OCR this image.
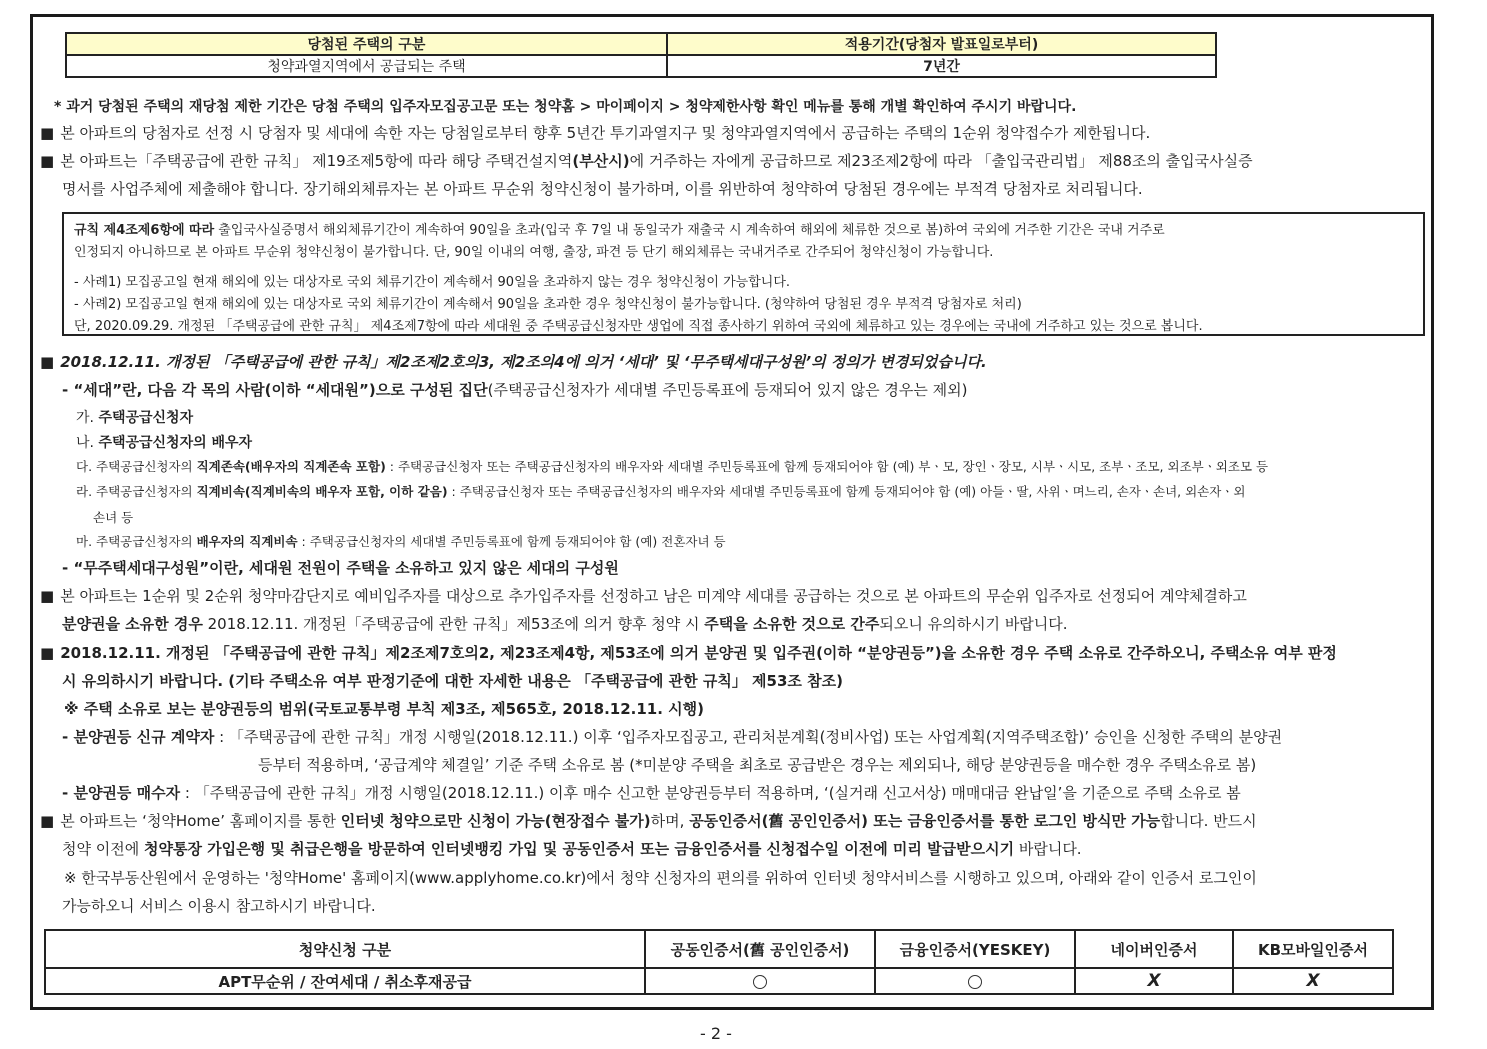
당첨된 주택의 구분	적용기간(당첨자 발표일로부터)
청약과열지역에서 공급되는 주택	7년간
* 과거 당첨된 주택의 재당첨 제한 기간은 당첨 주택의 입주자모집공고문 또는 청약홈 > 마이페이지 > 청약제한사항 확인 메뉴를 통해 개별 확인하여 주시기 바랍니다.
■ 본 아파트의 당첨자로 선정 시 당첨자 및 세대에 속한 자는 당첨일로부터 향후 5년간 투기과열지구 및 청약과열지역에서 공급하는 주택의 1순위 청약접수가 제한됩니다.
■ 본 아파트는「주택공급에 관한 규칙」 제19조제5항에 따라 해당 주택건설지역(부산시)에 거주하는 자에게 공급하므로 제23조제2항에 따라 「출입국관리법」 제88조의 출입국사실증
명서를 사업주체에 제출해야 합니다. 장기해외체류자는 본 아파트 무순위 청약신청이 불가하며, 이를 위반하여 청약하여 당첨된 경우에는 부적격 당첨자로 처리됩니다.
규칙 제4조제6항에 따라 출입국사실증명서 해외체류기간이 계속하여 90일을 초과(입국 후 7일 내 동일국가 재출국 시 계속하여 해외에 체류한 것으로 봄)하여 국외에 거주한 기간은 국내 거주로
인정되지 아니하므로 본 아파트 무순위 청약신청이 불가합니다. 단, 90일 이내의 여행, 출장, 파견 등 단기 해외체류는 국내거주로 간주되어 청약신청이 가능합니다.
- 사례1) 모집공고일 현재 해외에 있는 대상자로 국외 체류기간이 계속해서 90일을 초과하지 않는 경우 청약신청이 가능합니다.
- 사례2) 모집공고일 현재 해외에 있는 대상자로 국외 체류기간이 계속해서 90일을 초과한 경우 청약신청이 불가능합니다. (청약하여 당첨된 경우 부적격 당첨자로 처리)
단, 2020.09.29. 개정된 「주택공급에 관한 규칙」 제4조제7항에 따라 세대원 중 주택공급신청자만 생업에 직접 종사하기 위하여 국외에 체류하고 있는 경우에는 국내에 거주하고 있는 것으로 봅니다.
■ 2018.12.11. 개정된 「주택공급에 관한 규칙」제2조제2호의3, 제2조의4에 의거 ‘세대’ 및 ‘무주택세대구성원’의 정의가 변경되었습니다.
- “세대”란, 다음 각 목의 사람(이하 “세대원”)으로 구성된 집단(주택공급신청자가 세대별 주민등록표에 등재되어 있지 않은 경우는 제외)
가. 주택공급신청자
나. 주택공급신청자의 배우자
다. 주택공급신청자의 직계존속(배우자의 직계존속 포함) : 주택공급신청자 또는 주택공급신청자의 배우자와 세대별 주민등록표에 함께 등재되어야 함 (예) 부ㆍ모, 장인ㆍ장모, 시부ㆍ시모, 조부ㆍ조모, 외조부ㆍ외조모 등
라. 주택공급신청자의 직계비속(직계비속의 배우자 포함, 이하 같음) : 주택공급신청자 또는 주택공급신청자의 배우자와 세대별 주민등록표에 함께 등재되어야 함 (예) 아들ㆍ딸, 사위ㆍ며느리, 손자ㆍ손녀, 외손자ㆍ외
손녀 등
마. 주택공급신청자의 배우자의 직계비속 : 주택공급신청자의 세대별 주민등록표에 함께 등재되어야 함 (예) 전혼자녀 등
- “무주택세대구성원”이란, 세대원 전원이 주택을 소유하고 있지 않은 세대의 구성원
■ 본 아파트는 1순위 및 2순위 청약마감단지로 예비입주자를 대상으로 추가입주자를 선정하고 남은 미계약 세대를 공급하는 것으로 본 아파트의 무순위 입주자로 선정되어 계약체결하고
분양권을 소유한 경우 2018.12.11. 개정된「주택공급에 관한 규칙」제53조에 의거 향후 청약 시 주택을 소유한 것으로 간주되오니 유의하시기 바랍니다.
■ 2018.12.11. 개정된 「주택공급에 관한 규칙」제2조제7호의2, 제23조제4항, 제53조에 의거 분양권 및 입주권(이하 “분양권등”)을 소유한 경우 주택 소유로 간주하오니, 주택소유 여부 판정
시 유의하시기 바랍니다. (기타 주택소유 여부 판정기준에 대한 자세한 내용은 「주택공급에 관한 규칙」 제53조 참조)
※ 주택 소유로 보는 분양권등의 범위(국토교통부령 부칙 제3조, 제565호, 2018.12.11. 시행)
- 분양권등 신규 계약자 : 「주택공급에 관한 규칙」개정 시행일(2018.12.11.) 이후 ‘입주자모집공고, 관리처분계획(정비사업) 또는 사업계획(지역주택조합)’ 승인을 신청한 주택의 분양권
등부터 적용하며, ‘공급계약 체결일’ 기준 주택 소유로 봄 (*미분양 주택을 최초로 공급받은 경우는 제외되나, 해당 분양권등을 매수한 경우 주택소유로 봄)
- 분양권등 매수자 : 「주택공급에 관한 규칙」개정 시행일(2018.12.11.) 이후 매수 신고한 분양권등부터 적용하며, ‘(실거래 신고서상) 매매대금 완납일’을 기준으로 주택 소유로 봄
■ 본 아파트는 ‘청약Home’ 홈페이지를 통한 인터넷 청약으로만 신청이 가능(현장접수 불가)하며, 공동인증서(舊 공인인증서) 또는 금융인증서를 통한 로그인 방식만 가능합니다. 반드시
청약 이전에 청약통장 가입은행 및 취급은행을 방문하여 인터넷뱅킹 가입 및 공동인증서 또는 금융인증서를 신청접수일 이전에 미리 발급받으시기 바랍니다.
※ 한국부동산원에서 운영하는 '청약Home' 홈페이지(www.applyhome.co.kr)에서 청약 신청자의 편의를 위하여 인터넷 청약서비스를 시행하고 있으며, 아래와 같이 인증서 로그인이
가능하오니 서비스 이용시 참고하시기 바랍니다.
청약신청 구분	공동인증서(舊 공인인증서)	금융인증서(YESKEY)	네이버인증서	KB모바일인증서
APT무순위 / 잔여세대 / 취소후재공급			X	X
- 2 -
